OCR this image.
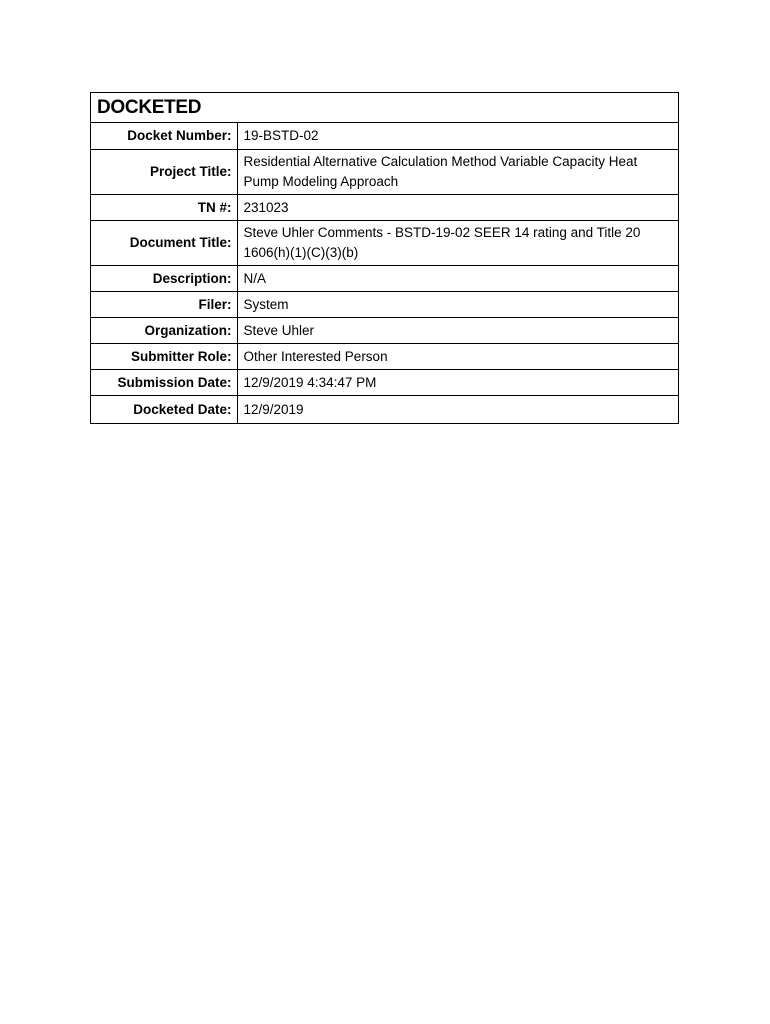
DOCKETED
Docket Number:	19-BSTD-02
Project Title:	Residential Alternative Calculation Method Variable Capacity Heat Pump Modeling Approach
TN #:	231023
Document Title:	Steve Uhler Comments - BSTD-19-02 SEER 14 rating and Title 20 1606(h)(1)(C)(3)(b)
Description:	N/A
Filer:	System
Organization:	Steve Uhler
Submitter Role:	Other Interested Person
Submission Date:	12/9/2019 4:34:47 PM
Docketed Date:	12/9/2019
